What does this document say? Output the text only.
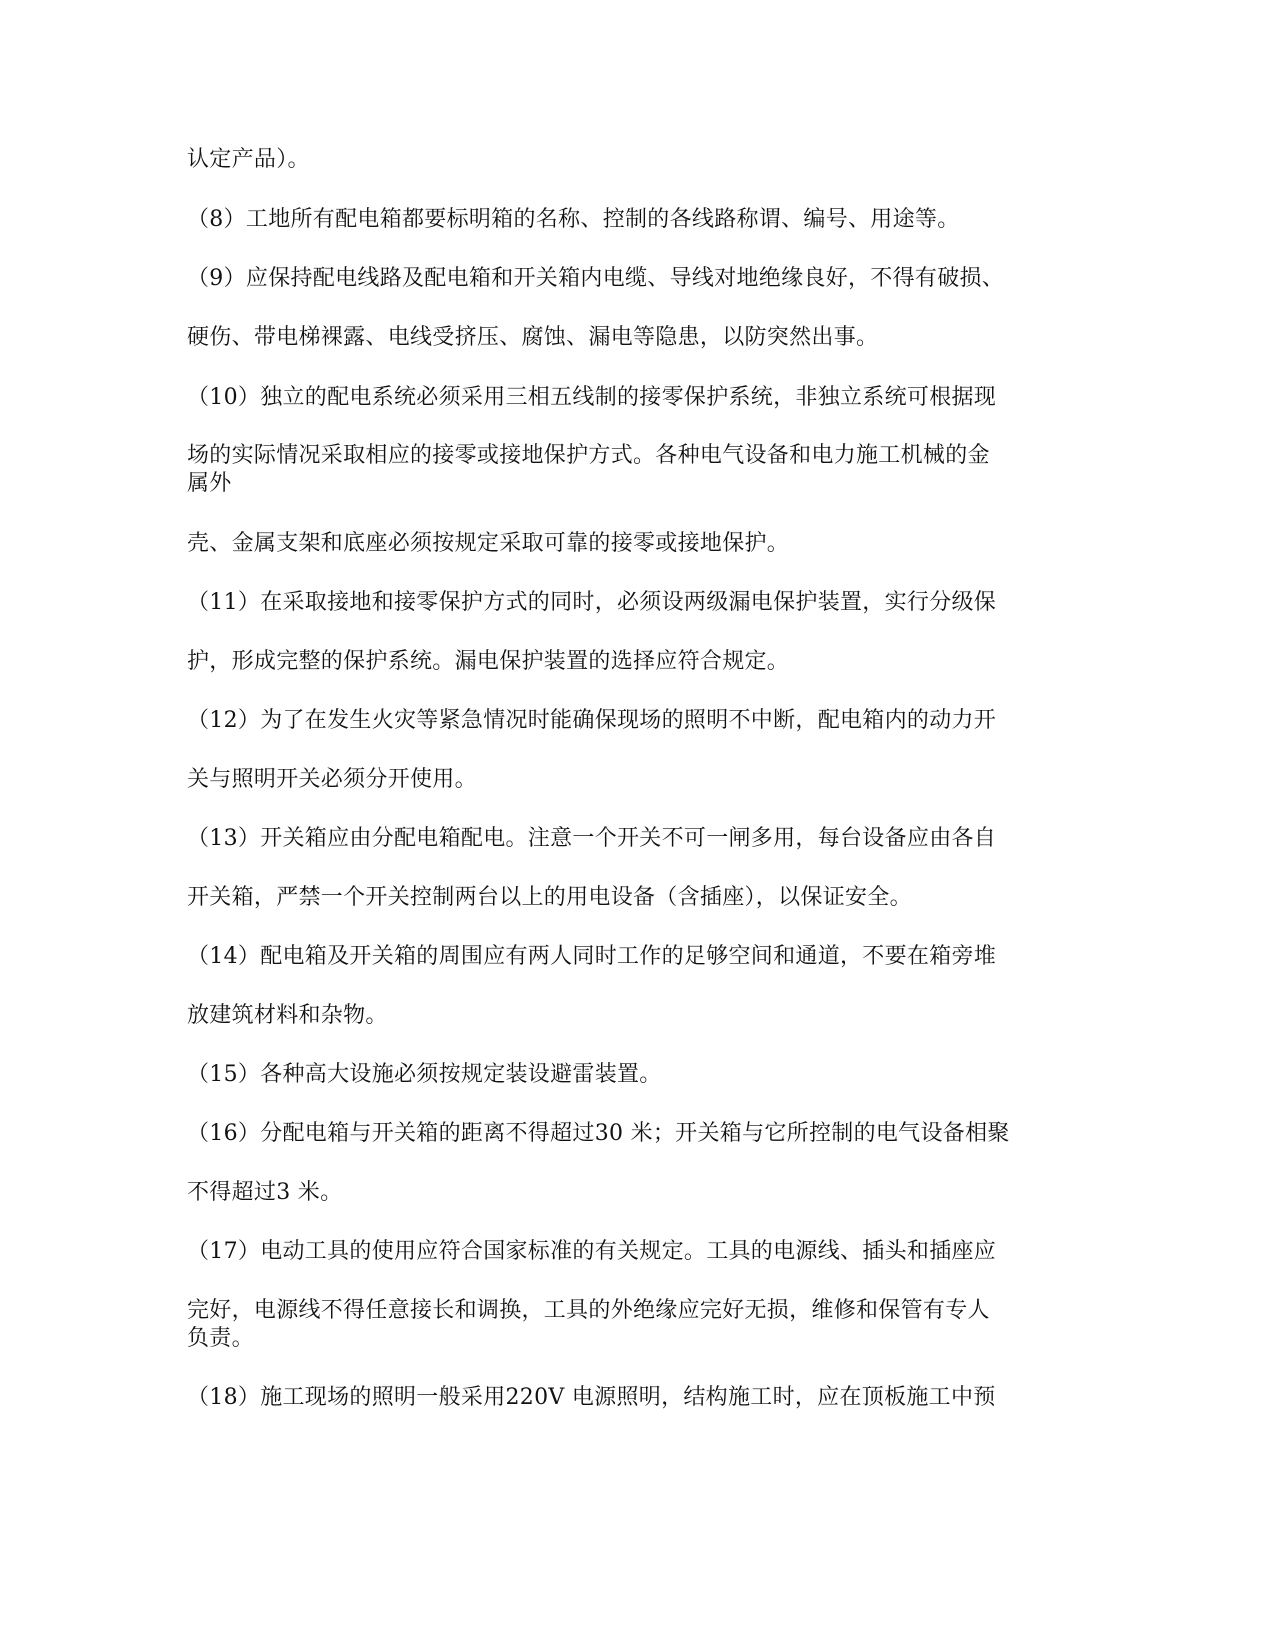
认定产品）。
（8）工地所有配电箱都要标明箱的名称、控制的各线路称谓、编号、用途等。
（9）应保持配电线路及配电箱和开关箱内电缆、导线对地绝缘良好，不得有破损、
硬伤、带电梯裸露、电线受挤压、腐蚀、漏电等隐患，以防突然出事。
（10）独立的配电系统必须采用三相五线制的接零保护系统，非独立系统可根据现
场的实际情况采取相应的接零或接地保护方式。各种电气设备和电力施工机械的金
属外
壳、金属支架和底座必须按规定采取可靠的接零或接地保护。
（11）在采取接地和接零保护方式的同时，必须设两级漏电保护装置，实行分级保
护，形成完整的保护系统。漏电保护装置的选择应符合规定。
（12）为了在发生火灾等紧急情况时能确保现场的照明不中断，配电箱内的动力开
关与照明开关必须分开使用。
（13）开关箱应由分配电箱配电。注意一个开关不可一闸多用，每台设备应由各自
开关箱，严禁一个开关控制两台以上的用电设备（含插座），以保证安全。
（14）配电箱及开关箱的周围应有两人同时工作的足够空间和通道，不要在箱旁堆
放建筑材料和杂物。
（15）各种高大设施必须按规定装设避雷装置。
（16）分配电箱与开关箱的距离不得超过30 米；开关箱与它所控制的电气设备相聚
不得超过3 米。
（17）电动工具的使用应符合国家标准的有关规定。工具的电源线、插头和插座应
完好，电源线不得任意接长和调换，工具的外绝缘应完好无损，维修和保管有专人
负责。
（18）施工现场的照明一般采用220V 电源照明，结构施工时，应在顶板施工中预
